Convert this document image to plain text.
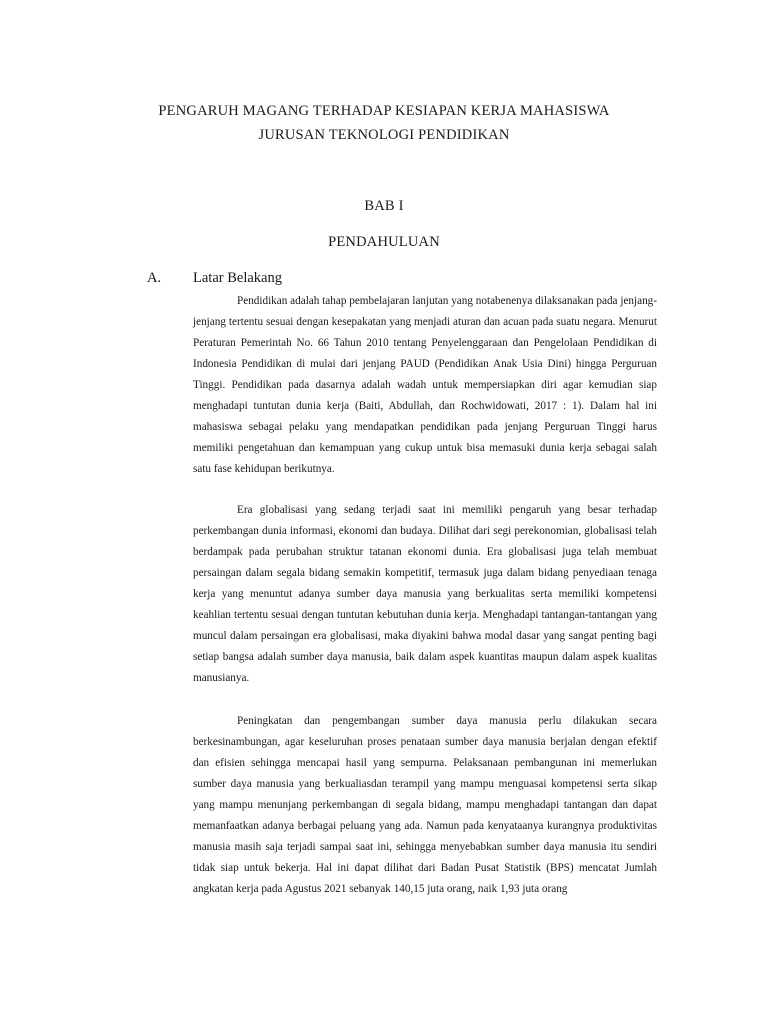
PENGARUH MAGANG TERHADAP KESIAPAN KERJA MAHASISWA
JURUSAN TEKNOLOGI PENDIDIKAN
BAB I
PENDAHULUAN
A. Latar Belakang

Pendidikan adalah tahap pembelajaran lanjutan yang notabenenya dilaksanakan pada jenjang-jenjang tertentu sesuai dengan kesepakatan yang menjadi aturan dan acuan pada suatu negara. Menurut Peraturan Pemerintah No. 66 Tahun 2010 tentang Penyelenggaraan dan Pengelolaan Pendidikan di Indonesia Pendidikan di mulai dari jenjang PAUD (Pendidikan Anak Usia Dini) hingga Perguruan Tinggi. Pendidikan pada dasarnya adalah wadah untuk mempersiapkan diri agar kemudian siap menghadapi tuntutan dunia kerja (Baiti, Abdullah, dan Rochwidowati, 2017 : 1). Dalam hal ini mahasiswa sebagai pelaku yang mendapatkan pendidikan pada jenjang Perguruan Tinggi harus memiliki pengetahuan dan kemampuan yang cukup untuk bisa memasuki dunia kerja sebagai salah satu fase kehidupan berikutnya.

Era globalisasi yang sedang terjadi saat ini memiliki pengaruh yang besar terhadap perkembangan dunia informasi, ekonomi dan budaya. Dilihat dari segi perekonomian, globalisasi telah berdampak pada perubahan struktur tatanan ekonomi dunia. Era globalisasi juga telah membuat persaingan dalam segala bidang semakin kompetitif, termasuk juga dalam bidang penyediaan tenaga kerja yang menuntut adanya sumber daya manusia yang berkualitas serta memiliki kompetensi keahlian tertentu sesuai dengan tuntutan kebutuhan dunia kerja. Menghadapi tantangan-tantangan yang muncul dalam persaingan era globalisasi, maka diyakini bahwa modal dasar yang sangat penting bagi setiap bangsa adalah sumber daya manusia, baik dalam aspek kuantitas maupun dalam aspek kualitas manusianya.

Peningkatan dan pengembangan sumber daya manusia perlu dilakukan secara berkesinambungan, agar keseluruhan proses penataan sumber daya manusia berjalan dengan efektif dan efisien sehingga mencapai hasil yang sempurna. Pelaksanaan pembangunan ini memerlukan sumber daya manusia yang berkualiasdan terampil yang mampu menguasai kompetensi serta sikap yang mampu menunjang perkembangan di segala bidang, mampu menghadapi tantangan dan dapat memanfaatkan adanya berbagai peluang yang ada. Namun pada kenyataanya kurangnya produktivitas manusia masih saja terjadi sampai saat ini, sehingga menyebabkan sumber daya manusia itu sendiri tidak siap untuk bekerja. Hal ini dapat dilihat dari Badan Pusat Statistik (BPS) mencatat Jumlah angkatan kerja pada Agustus 2021 sebanyak 140,15 juta orang, naik 1,93 juta orang
